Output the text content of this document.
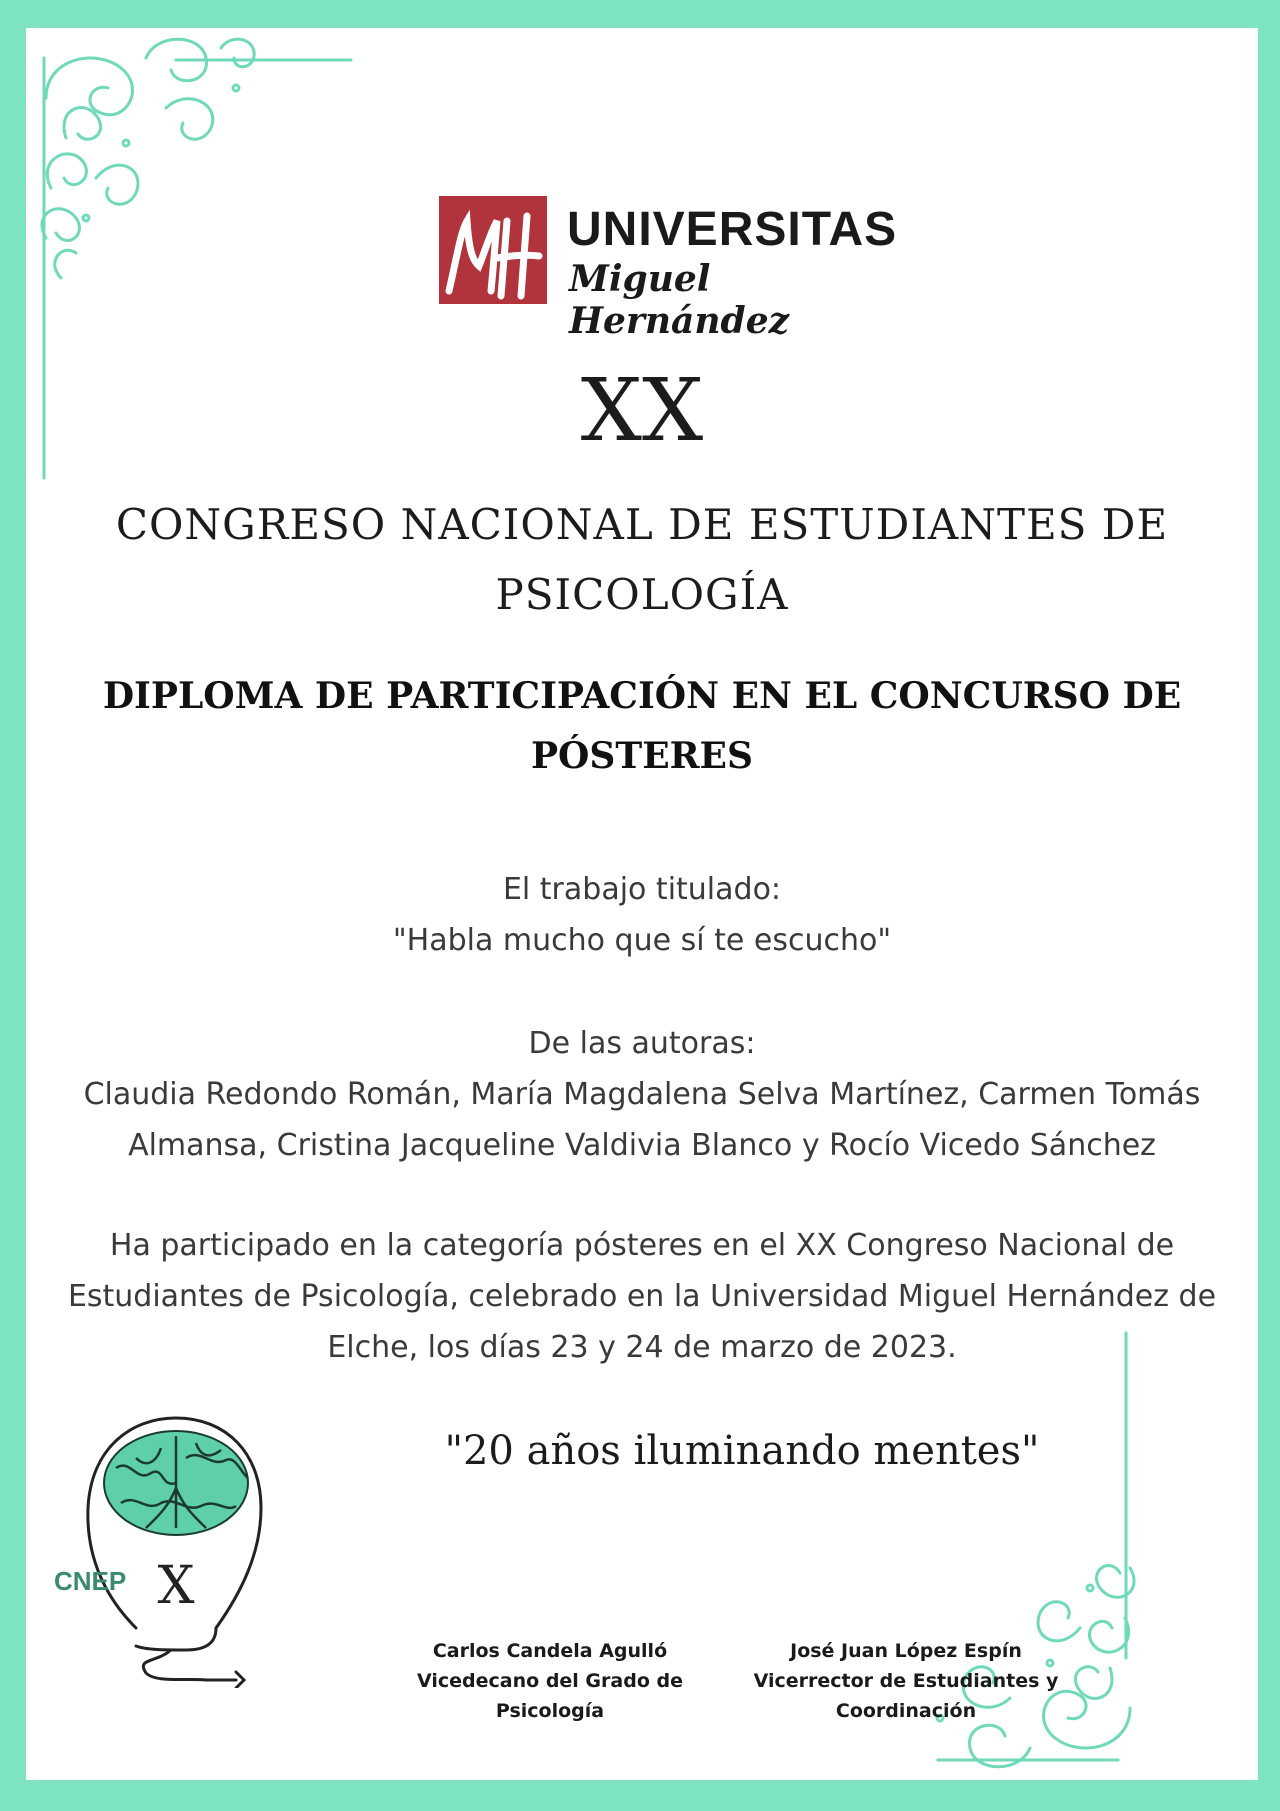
UNIVERSITAS
Miguel Hernández
XX
CONGRESO NACIONAL DE ESTUDIANTES DE
PSICOLOGÍA
DIPLOMA DE PARTICIPACIÓN EN EL CONCURSO DE
PÓSTERES
El trabajo titulado:
"Habla mucho que sí te escucho"
De las autoras:
Claudia Redondo Román, María Magdalena Selva Martínez, Carmen Tomás
Almansa, Cristina Jacqueline Valdivia Blanco y Rocío Vicedo Sánchez
Ha participado en la categoría pósteres en el XX Congreso Nacional de
Estudiantes de Psicología, celebrado en la Universidad Miguel Hernández de
Elche, los días 23 y 24 de marzo de 2023.
"20 años iluminando mentes"
X
CNEP
Carlos Candela Agulló
Vicedecano del Grado de
Psicología
José Juan López Espín
Vicerrector de Estudiantes y
Coordinación
